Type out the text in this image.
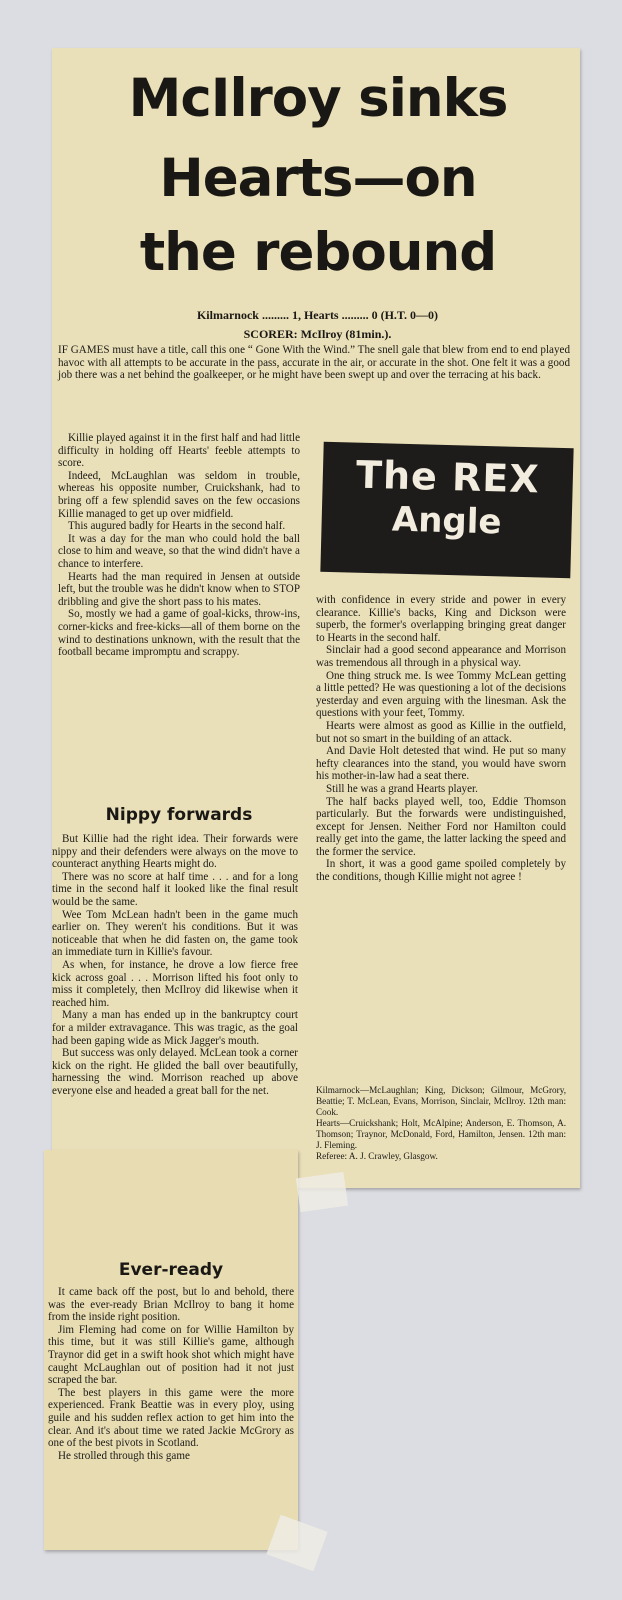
McIlroy sinks
Hearts—on
the rebound
Kilmarnock ......... 1, Hearts ......... 0 (H.T. 0—0)
SCORER: McIlroy (81min.).

IF GAMES must have a title, call this one “ Gone With the Wind.” The snell gale that blew from end to end played havoc with all attempts to be accurate in the pass, accurate in the air, or accurate in the shot. One felt it was a good job there was a net behind the goalkeeper, or he might have been swept up and over the terracing at his back.

The REX
Angle

Killie played against it in the first half and had little difficulty in holding off Hearts' feeble attempts to score.

Indeed, McLaughlan was seldom in trouble, whereas his opposite number, Cruickshank, had to bring off a few splendid saves on the few occasions Killie managed to get up over midfield.

This augured badly for Hearts in the second half.

It was a day for the man who could hold the ball close to him and weave, so that the wind didn't have a chance to interfere.

Hearts had the man required in Jensen at outside left, but the trouble was he didn't know when to STOP dribbling and give the short pass to his mates.

So, mostly we had a game of goal-kicks, throw-ins, corner-kicks and free-kicks—all of them borne on the wind to destinations unknown, with the result that the football became impromptu and scrappy.

Nippy forwards

But Killie had the right idea. Their forwards were nippy and their defenders were always on the move to counteract anything Hearts might do.

There was no score at half time . . . and for a long time in the second half it looked like the final result would be the same.

Wee Tom McLean hadn't been in the game much earlier on. They weren't his conditions. But it was noticeable that when he did fasten on, the game took an immediate turn in Killie's favour.

As when, for instance, he drove a low fierce free kick across goal . . . Morrison lifted his foot only to miss it completely, then McIlroy did likewise when it reached him.

Many a man has ended up in the bankruptcy court for a milder extravagance. This was tragic, as the goal had been gaping wide as Mick Jagger's mouth.

But success was only delayed. McLean took a corner kick on the right. He glided the ball over beautifully, harnessing the wind. Morrison reached up above everyone else and headed a great ball for the net.

Ever-ready

It came back off the post, but lo and behold, there was the ever-ready Brian McIlroy to bang it home from the inside right position.

Jim Fleming had come on for Willie Hamilton by this time, but it was still Killie's game, although Traynor did get in a swift hook shot which might have caught McLaughlan out of position had it not just scraped the bar.

The best players in this game were the more experienced. Frank Beattie was in every ploy, using guile and his sudden reflex action to get him into the clear. And it's about time we rated Jackie McGrory as one of the best pivots in Scotland.

He strolled through this game

with confidence in every stride and power in every clearance. Killie's backs, King and Dickson were superb, the former's overlapping bringing great danger to Hearts in the second half.

Sinclair had a good second appearance and Morrison was tremendous all through in a physical way.

One thing struck me. Is wee Tommy McLean getting a little petted? He was questioning a lot of the decisions yesterday and even arguing with the linesman. Ask the questions with your feet, Tommy.

Hearts were almost as good as Killie in the outfield, but not so smart in the building of an attack.

And Davie Holt detested that wind. He put so many hefty clearances into the stand, you would have sworn his mother-in-law had a seat there.

Still he was a grand Hearts player.

The half backs played well, too, Eddie Thomson particularly. But the forwards were undistinguished, except for Jensen. Neither Ford nor Hamilton could really get into the game, the latter lacking the speed and the former the service.

In short, it was a good game spoiled completely by the conditions, though Killie might not agree !

Kilmarnock—McLaughlan; King, Dickson; Gilmour, McGrory, Beattie; T. McLean, Evans, Morrison, Sinclair, McIlroy. 12th man: Cook.

Hearts—Cruickshank; Holt, McAlpine; Anderson, E. Thomson, A. Thomson; Traynor, McDonald, Ford, Hamilton, Jensen. 12th man: J. Fleming.

Referee: A. J. Crawley, Glasgow.
